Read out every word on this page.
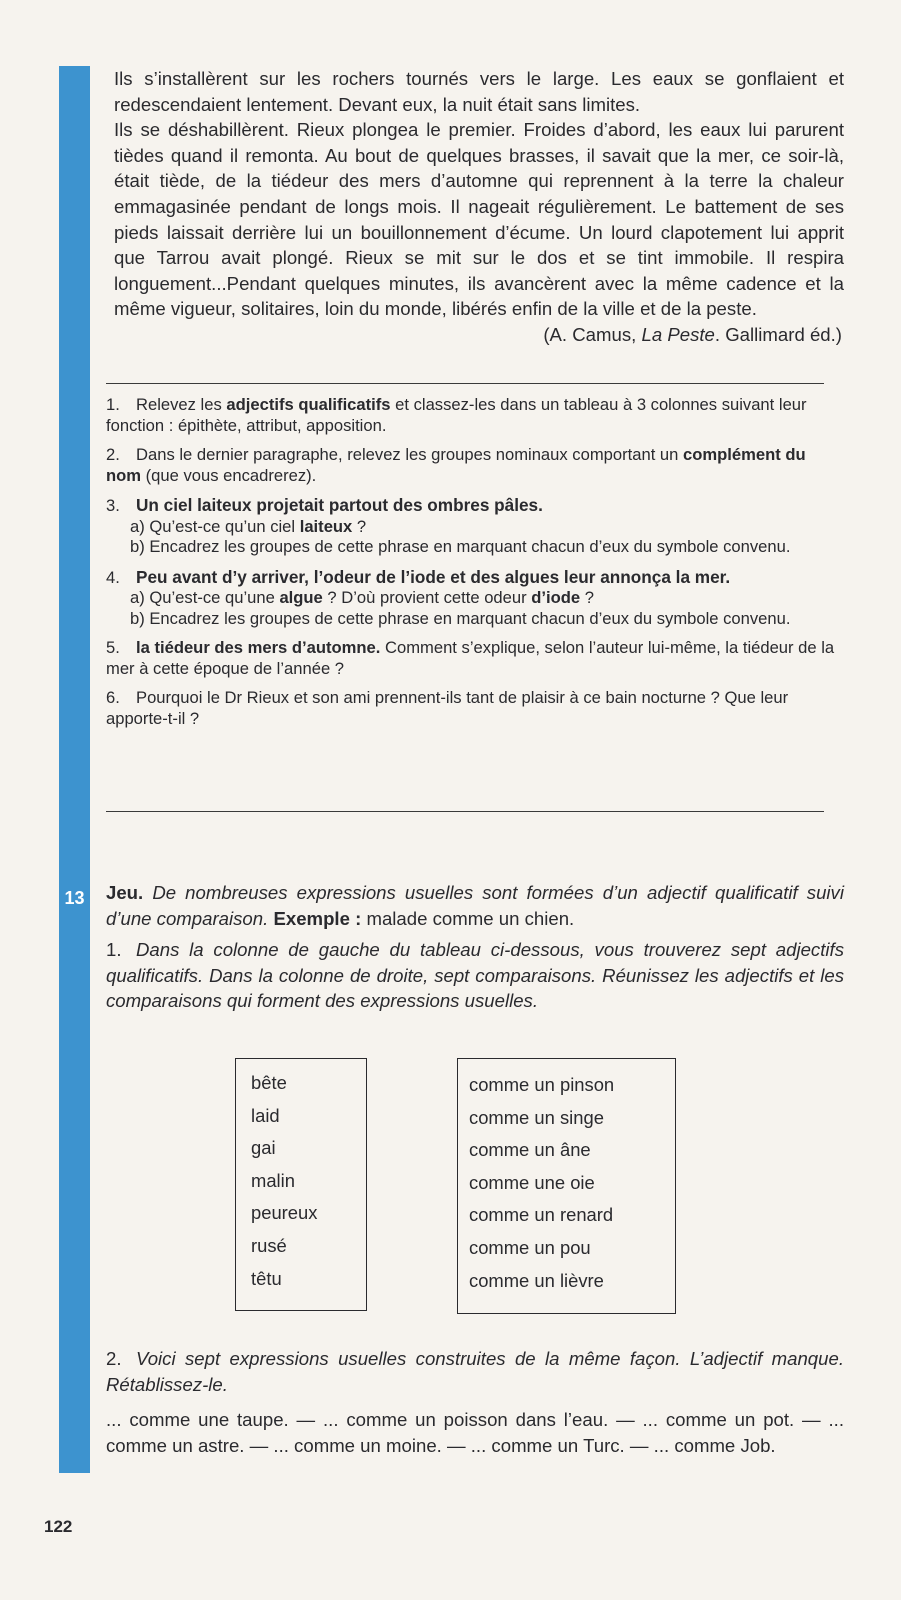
13

Ils s’installèrent sur les rochers tournés vers le large. Les eaux se gonflaient et redescendaient lentement. Devant eux, la nuit était sans limites.

Ils se déshabillèrent. Rieux plongea le premier. Froides d’abord, les eaux lui parurent tièdes quand il remonta. Au bout de quelques brasses, il savait que la mer, ce soir-là, était tiède, de la tiédeur des mers d’automne qui reprennent à la terre la chaleur emmagasinée pendant de longs mois. Il nageait régulièrement. Le battement de ses pieds laissait derrière lui un bouillonnement d’écume. Un lourd clapotement lui apprit que Tarrou avait plongé. Rieux se mit sur le dos et se tint immobile. Il respira longuement...Pendant quelques minutes, ils avancèrent avec la même cadence et la même vigueur, solitaires, loin du monde, libérés enfin de la ville et de la peste.

(A. Camus, La Peste. Gallimard éd.)

1. Relevez les adjectifs qualificatifs et classez-les dans un tableau à 3 colonnes suivant leur fonction : épithète, attribut, apposition.
2. Dans le dernier paragraphe, relevez les groupes nominaux comportant un complément du nom (que vous encadrerez).
3. Un ciel laiteux projetait partout des ombres pâles.
a) Qu’est-ce qu’un ciel laiteux ?
b) Encadrez les groupes de cette phrase en marquant chacun d’eux du symbole convenu.
4. Peu avant d’y arriver, l’odeur de l’iode et des algues leur annonça la mer.
a) Qu’est-ce qu’une algue ? D’où provient cette odeur d’iode ?
b) Encadrez les groupes de cette phrase en marquant chacun d’eux du symbole convenu.
5. la tiédeur des mers d’automne. Comment s’explique, selon l’auteur lui-même, la tiédeur de la mer à cette époque de l’année ?
6. Pourquoi le Dr Rieux et son ami prennent-ils tant de plaisir à ce bain nocturne ? Que leur apporte-t-il ?

Jeu. De nombreuses expressions usuelles sont formées d’un adjectif qualificatif suivi d’une comparaison. Exemple : malade comme un chien.

1. Dans la colonne de gauche du tableau ci-dessous, vous trouverez sept adjectifs qualificatifs. Dans la colonne de droite, sept comparaisons. Réunissez les adjectifs et les comparaisons qui forment des expressions usuelles.

bête
laid
gai
malin
peureux
rusé
têtu
comme un pinson
comme un singe
comme un âne
comme une oie
comme un renard
comme un pou
comme un lièvre

2. Voici sept expressions usuelles construites de la même façon. L’adjectif manque. Rétablissez-le.

... comme une taupe. — ... comme un poisson dans l’eau. — ... comme un pot. — ... comme un astre. — ... comme un moine. — ... comme un Turc. — ... comme Job.

122
